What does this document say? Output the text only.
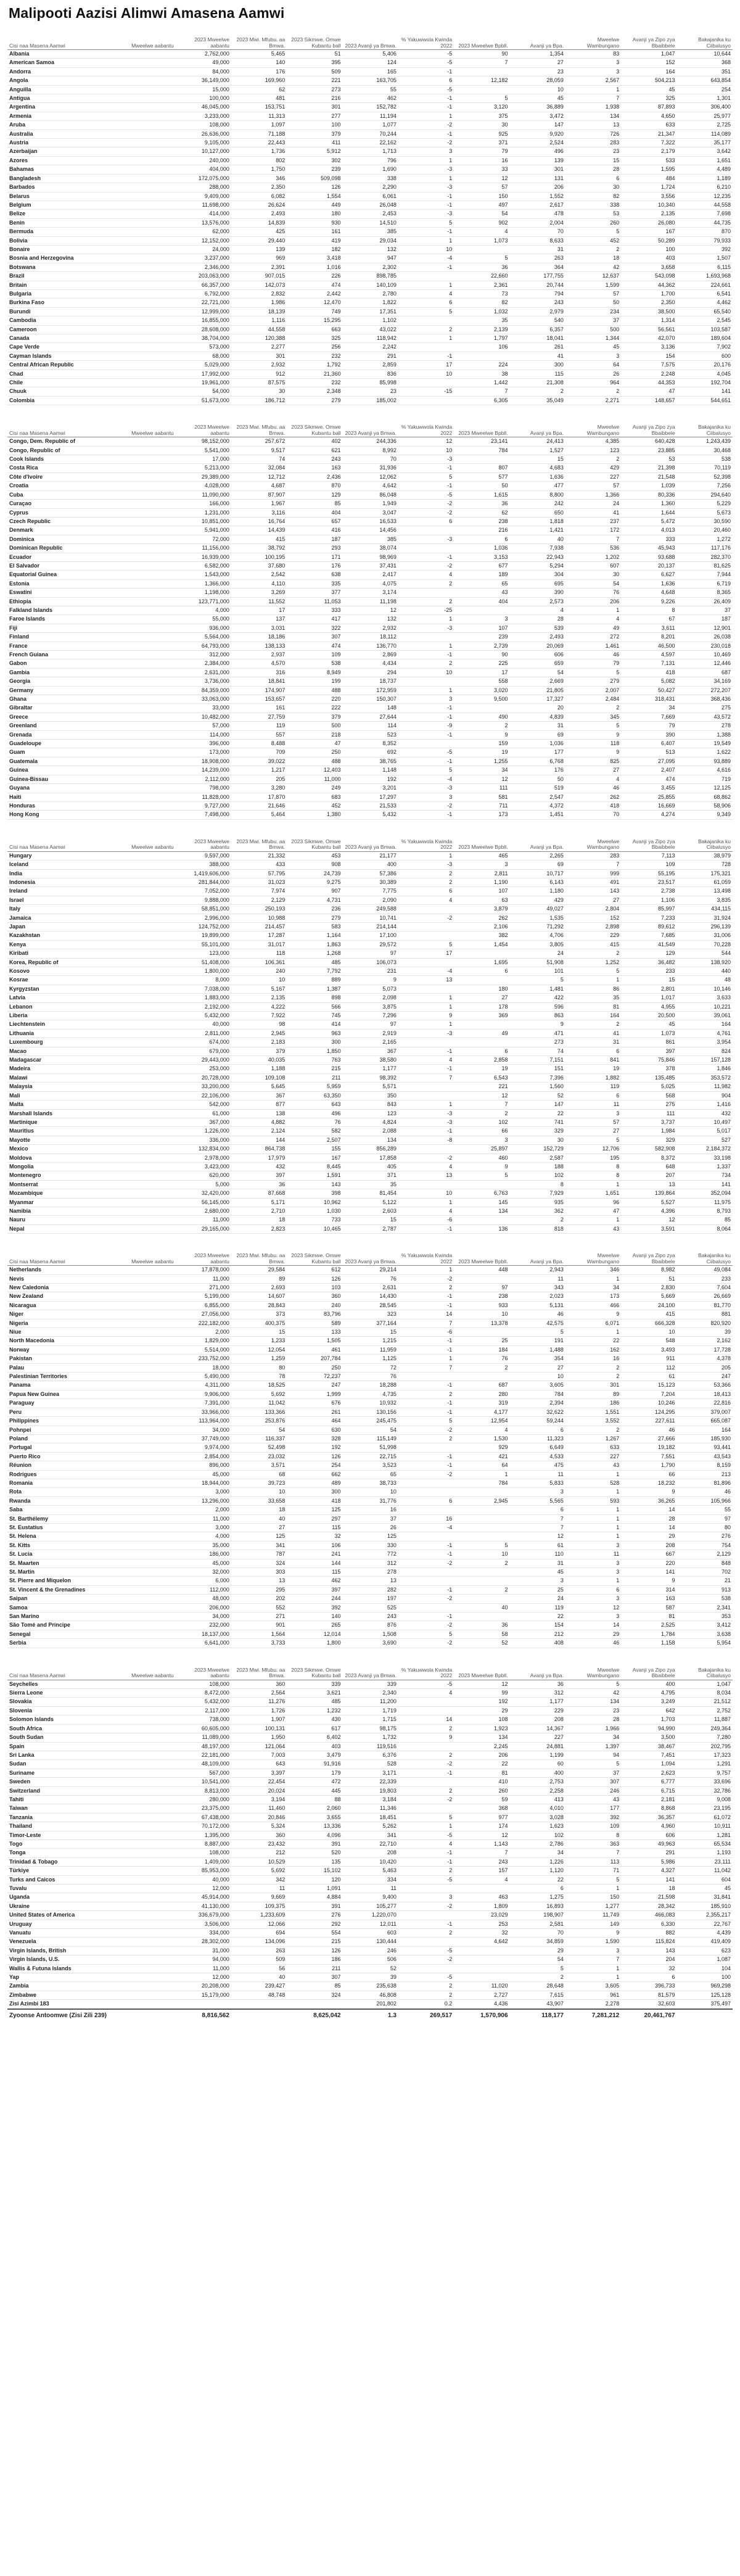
Malipooti Aazisi Alimwi Amasena Aamwi
Cisi naa Masena Aamwi	Mweelwe aabantu	2023 Mweelwe aabantu	2023 Mwi. Mfubu. aa Bmwa.	2023 Sikmwe. Omwe Kubantu ball	2023 Avanji ya Bmwa.	% Yakuwwola Kwinda 2022	2023 Mweelwe Bpbll.	Avanji ya Bpa.	Mweelwe Wambungano	Avanji ya Zipo zya Bbaibbele	Bakajanika ku Ciibalusyo
Albania		2,762,000	5,465	51	5,406	-5	90	1,354	83	1,047	10,644
American Samoa		49,000	140	395	124	-5	7	27	3	152	368
Andorra		84,000	176	509	165	-1		23	3	164	351
Angola		36,149,000	169,960	221	163,705	6	12,182	28,059	2,567	504,213	643,854
Anguilla		15,000	62	273	55	-5		10	1	45	254
Antigua		100,000	481	216	462	-1	5	45	7	325	1,301
Argentina		46,045,000	153,751	301	152,782	-1	3,120	36,889	1,938	87,893	306,400
Armenia		3,233,000	11,313	277	11,194	1	375	3,472	134	4,650	25,977
Aruba		108,000	1,097	100	1,077	-2	30	147	13	633	2,725
Australia		26,636,000	71,188	379	70,244	-1	925	9,920	726	21,347	114,089
Austria		9,105,000	22,443	411	22,162	-2	371	2,524	283	7,322	35,177
Azerbaijan		10,127,000	1,736	5,912	1,713	3	79	496	23	2,179	3,642
Azores		240,000	802	302	796	1	16	139	15	533	1,651
Bahamas		404,000	1,750	239	1,690	-3	33	301	28	1,595	4,489
Bangladesh		172,075,000	346	509,098	338	1	12	131	6	484	1,189
Barbados		288,000	2,350	126	2,290	-3	57	206	30	1,724	6,210
Belarus		9,409,000	6,082	1,554	6,061	-1	150	1,552	82	3,556	12,235
Belgium		11,698,000	26,624	449	26,048	-1	497	2,617	338	10,340	44,558
Belize		414,000	2,493	180	2,453	-3	54	478	53	2,135	7,698
Benin		13,576,000	14,839	930	14,510	5	902	2,004	260	26,080	44,735
Bermuda		62,000	425	161	385	-1	4	70	5	167	870
Bolivia		12,152,000	29,440	419	29,034	1	1,073	8,633	452	50,289	79,933
Bonaire		24,000	139	182	132	10		31	2	100	392
Bosnia and Herzegovina		3,237,000	969	3,418	947	-4	5	263	18	403	1,507
Botswana		2,346,000	2,391	1,016	2,302	-1	36	364	42	3,658	6,115
Brazil		203,063,000	907,015	226	898,785		22,660	177,755	12,637	543,098	1,693,968
Britain		66,357,000	142,073	474	140,109	1	2,361	20,744	1,599	44,362	224,661
Bulgaria		6,792,000	2,832	2,442	2,780	4	73	794	57	1,700	6,541
Burkina Faso		22,721,000	1,986	12,470	1,822	6	82	243	50	2,350	4,462
Burundi		12,999,000	18,139	749	17,351	5	1,032	2,979	234	38,500	65,540
Cambodia		16,855,000	1,116	15,295	1,102		35	540	37	1,314	2,545
Cameroon		28,608,000	44,558	663	43,022	2	2,139	6,357	500	56,561	103,587
Canada		38,704,000	120,388	325	118,942	1	1,797	18,041	1,344	42,070	189,604
Cape Verde		573,000	2,277	256	2,242		106	261	45	3,136	7,902
Cayman Islands		68,000	301	232	291	-1		41	3	154	600
Central African Republic		5,029,000	2,932	1,792	2,859	17	224	300	64	7,575	20,176
Chad		17,992,000	912	21,360	836	10	38	115	26	2,248	4,045
Chile		19,961,000	87,575	232	85,998		1,442	21,308	964	44,353	192,704
Chuuk		54,000	30	2,348	23	-15	7	2	2	47	141
Colombia		51,673,000	186,712	279	185,002		6,305	35,049	2,271	148,657	544,651

Cisi naa Masena Aamwi	Mweelwe aabantu	2023 Mweelwe aabantu	2023 Mwi. Mfubu. aa Bmwa.	2023 Sikmwe. Omwe Kubantu ball	2023 Avanji ya Bmwa.	% Yakuwwola Kwinda 2022	2023 Mweelwe Bpbll.	Avanji ya Bpa.	Mweelwe Wambungano	Avanji ya Zipo zya Bbaibbele	Bakajanika ku Ciibalusyo
Congo, Dem. Republic of		98,152,000	257,672	402	244,336	12	23,141	24,413	4,385	640,428	1,243,439
Congo, Republic of		5,541,000	9,517	621	8,992	10	784	1,527	123	23,885	30,468
Cook Islands		17,000	74	243	70	-3		15	2	53	538
Costa Rica		5,213,000	32,084	163	31,936	-1	807	4,683	429	21,398	70,119
Côte d'Ivoire		29,389,000	12,712	2,436	12,062	5	577	1,636	227	21,548	52,398
Croatia		4,028,000	4,687	870	4,642	-1	50	477	57	1,039	7,256
Cuba		11,090,000	87,907	129	86,048	-5	1,615	8,800	1,366	80,336	294,640
Curaçao		166,000	1,967	85	1,949	-2	36	242	24	1,360	5,229
Cyprus		1,231,000	3,116	404	3,047	-2	62	650	41	1,644	5,673
Czech Republic		10,851,000	16,764	657	16,533	6	238	1,818	237	5,472	30,590
Denmark		5,941,000	14,439	416	14,456		216	1,421	172	4,013	20,460
Dominica		72,000	415	187	385	-3	6	40	7	333	1,272
Dominican Republic		11,156,000	38,792	293	38,074		1,036	7,938	536	45,943	117,176
Ecuador		16,939,000	100,195	171	98,969	-1	3,153	22,943	1,202	93,688	282,370
El Salvador		6,582,000	37,680	176	37,431	-2	677	5,294	607	20,137	81,625
Equatorial Guinea		1,543,000	2,542	638	2,417	4	189	304	30	6,627	7,944
Estonia		1,366,000	4,110	335	4,075	2	65	695	54	1,636	6,719
Eswatini		1,198,000	3,269	377	3,174		43	390	76	4,648	8,365
Ethiopia		123,771,000	11,552	11,053	11,198	2	404	2,573	206	9,226	26,409
Falkland Islands		4,000	17	333	12	-25		4	1	8	37
Faroe Islands		55,000	137	417	132	1	3	28	4	67	187
Fiji		936,000	3,031	322	2,932	-3	107	539	49	3,611	12,901
Finland		5,564,000	18,186	307	18,112		239	2,493	272	8,201	26,038
France		64,793,000	138,133	474	136,770	1	2,739	20,069	1,461	46,500	230,018
French Guiana		312,000	2,937	109	2,869	-1	90	606	46	4,597	10,469
Gabon		2,384,000	4,570	538	4,434	2	225	659	79	7,131	12,446
Gambia		2,631,000	316	8,949	294	10	17	54	5	418	687
Georgia		3,736,000	18,841	199	18,737		558	2,669	279	5,082	34,169
Germany		84,359,000	174,907	488	172,959	1	3,020	21,805	2,007	50,427	272,207
Ghana		33,063,000	153,657	220	150,307	3	9,500	17,327	2,484	318,431	368,436
Gibraltar		33,000	161	222	148	-1		20	2	34	275
Greece		10,482,000	27,759	379	27,644	-1	490	4,839	345	7,669	43,572
Greenland		57,000	119	500	114	-9	2	31	5	79	278
Grenada		114,000	557	218	523	-1	9	69	9	390	1,388
Guadeloupe		396,000	8,488	47	8,352		159	1,036	118	6,407	19,549
Guam		173,000	709	250	692	-5	19	177	9	513	1,622
Guatemala		18,908,000	39,022	488	38,765	-1	1,255	6,768	825	27,095	93,889
Guinea		14,239,000	1,217	12,403	1,148	5	34	176	27	2,407	4,616
Guinea-Bissau		2,112,000	205	11,000	192	-4	12	50	4	474	719
Guyana		798,000	3,280	249	3,201	-3	111	519	46	3,455	12,125
Haiti		11,828,000	17,870	683	17,297	3	581	2,547	262	25,855	68,862
Honduras		9,727,000	21,646	452	21,533	-2	711	4,372	418	16,669	58,906
Hong Kong		7,498,000	5,464	1,380	5,432	-1	173	1,451	70	4,274	9,349

Cisi naa Masena Aamwi	Mweelwe aabantu	2023 Mweelwe aabantu	2023 Mwi. Mfubu. aa Bmwa.	2023 Sikmwe. Omwe Kubantu ball	2023 Avanji ya Bmwa.	% Yakuwwola Kwinda 2022	2023 Mweelwe Bpbll.	Avanji ya Bpa.	Mweelwe Wambungano	Avanji ya Zipo zya Bbaibbele	Bakajanika ku Ciibalusyo
Hungary		9,597,000	21,332	453	21,177	1	465	2,265	283	7,113	38,979
Iceland		388,000	433	908	400	-3	3	69	7	109	728
India		1,419,606,000	57,795	24,739	57,386	2	2,811	10,717	999	55,195	175,321
Indonesia		281,844,000	31,023	9,275	30,389	2	1,190	6,143	491	23,517	61,059
Ireland		7,052,000	7,974	907	7,775	6	107	1,180	143	2,738	13,498
Israel		9,888,000	2,129	4,731	2,090	4	63	429	27	1,106	3,835
Italy		58,851,000	250,193	236	249,588		3,879	49,027	2,804	85,997	434,115
Jamaica		2,996,000	10,988	279	10,741	-2	262	1,535	152	7,233	31,924
Japan		124,752,000	214,457	583	214,144		2,106	71,292	2,898	89,612	296,139
Kazakhstan		19,899,000	17,287	1,164	17,100		382	4,706	229	7,685	31,006
Kenya		55,101,000	31,017	1,863	29,572	5	1,454	3,805	415	41,549	70,228
Kiribati		123,000	118	1,268	97	17		24	2	129	544
Korea, Republic of		51,408,000	106,361	485	106,073		1,695	51,908	1,252	36,482	138,920
Kosovo		1,800,000	240	7,792	231	-4	6	101	5	233	440
Kosrae		8,000	10	889	9	13		5	1	15	48
Kyrgyzstan		7,038,000	5,167	1,387	5,073		180	1,481	86	2,801	10,146
Latvia		1,883,000	2,135	898	2,098	1	27	422	35	1,017	3,633
Lebanon		2,192,000	4,222	566	3,875	1	178	596	81	4,955	10,221
Liberia		5,432,000	7,922	745	7,296	9	369	863	164	20,500	39,061
Liechtenstein		40,000	98	414	97	1		9	2	45	164
Lithuania		2,811,000	2,945	963	2,919	-3	49	471	41	1,073	4,761
Luxembourg		674,000	2,183	300	2,165			273	31	861	3,954
Macao		679,000	379	1,850	367	-1	6	74	6	397	824
Madagascar		29,443,000	40,035	763	38,580	4	2,858	7,151	841	75,846	157,128
Madeira		253,000	1,188	215	1,177	-1	19	151	19	378	1,846
Malawi		20,728,000	109,108	211	98,392	7	6,543	7,396	1,882	135,485	353,572
Malaysia		33,200,000	5,645	5,959	5,571		221	1,560	119	5,025	11,982
Mali		22,106,000	367	63,350	350		12	52	6	568	904
Malta		542,000	877	643	843	1	7	147	11	275	1,416
Marshall Islands		61,000	138	496	123	-3	2	22	3	111	432
Martinique		367,000	4,882	76	4,824	-3	102	741	57	3,737	10,497
Mauritius		1,226,000	2,124	582	2,088	-1	66	329	27	1,984	5,017
Mayotte		336,000	144	2,507	134	-8	3	30	5	329	527
Mexico		132,834,000	864,738	155	856,289		25,897	152,729	12,706	582,908	2,184,372
Moldova		2,978,000	17,979	167	17,858	-2	460	2,587	195	8,372	33,198
Mongolia		3,423,000	432	8,445	405	4	9	188	8	648	1,337
Montenegro		620,000	397	1,591	371	13	5	102	8	207	734
Montserrat		5,000	36	143	35			8	1	13	141
Mozambique		32,420,000	87,668	398	81,454	10	6,763	7,929	1,651	139,864	352,094
Myanmar		56,145,000	5,171	10,962	5,122	1	145	935	96	5,527	11,975
Namibia		2,680,000	2,710	1,030	2,603	4	134	362	47	4,396	8,793
Nauru		11,000	18	733	15	-6		2	1	12	85
Nepal		29,165,000	2,823	10,465	2,787	-1	136	818	43	3,591	8,064

Cisi naa Masena Aamwi	Mweelwe aabantu	2023 Mweelwe aabantu	2023 Mwi. Mfubu. aa Bmwa.	2023 Sikmwe. Omwe Kubantu ball	2023 Avanji ya Bmwa.	% Yakuwwola Kwinda 2022	2023 Mweelwe Bpbll.	Avanji ya Bpa.	Mweelwe Wambungano	Avanji ya Zipo zya Bbaibbele	Bakajanika ku Ciibalusyo
Netherlands		17,878,000	29,584	612	29,214	1	448	2,943	346	8,982	49,084
Nevis		11,000	89	126	76	-2		11	1	51	233
New Caledonia		271,000	2,693	103	2,631	2	97	343	34	2,830	7,604
New Zealand		5,199,000	14,607	360	14,430	-1	238	2,023	173	5,669	26,669
Nicaragua		6,855,000	28,843	240	28,545	-1	933	5,131	466	24,100	81,770
Niger		27,056,000	373	83,796	323	14	10	46	9	415	881
Nigeria		222,182,000	400,375	589	377,164	7	13,378	42,575	6,071	666,328	820,920
Niue		2,000	15	133	15	-6		5	1	10	39
North Macedonia		1,829,000	1,233	1,505	1,215	-1	25	191	22	548	2,162
Norway		5,514,000	12,054	461	11,959	-1	184	1,488	162	3,493	17,728
Pakistan		233,752,000	1,259	207,784	1,125	1	76	354	16	911	4,378
Palau		18,000	80	250	72	7	2	27	2	112	205
Palestinian Territories		5,490,000	78	72,237	76			10	2	61	247
Panama		4,311,000	18,525	247	18,288	-1	687	3,605	301	15,123	53,366
Papua New Guinea		9,906,000	5,692	1,999	4,735	2	280	784	89	7,204	18,413
Paraguay		7,391,000	11,042	676	10,932	-1	319	2,394	186	10,246	22,816
Peru		33,966,000	133,366	261	130,156	-1	4,177	32,622	1,551	124,295	379,007
Philippines		113,964,000	253,876	464	245,475	5	12,954	59,244	3,552	227,611	665,087
Pohnpei		34,000	54	630	54	-2	4	6	2	46	164
Poland		37,749,000	116,337	328	115,149	2	1,530	11,323	1,267	27,666	185,930
Portugal		9,974,000	52,498	192	51,998		929	6,649	633	19,182	93,441
Puerto Rico		2,854,000	23,032	126	22,715	-1	421	4,533	227	7,551	43,543
Réunion		896,000	3,571	254	3,523	-1	64	475	43	1,790	8,159
Rodrigues		45,000	68	662	65	-2	1	11	1	66	213
Romania		18,944,000	39,723	489	38,733		784	5,833	528	18,232	81,896
Rota		3,000	10	300	10			3	1	9	46
Rwanda		13,296,000	33,658	418	31,776	6	2,945	5,565	593	36,265	105,966
Saba		2,000	18	125	16			6	1	14	55
St. Barthélemy		11,000	40	297	37	16		7	1	28	97
St. Eustatius		3,000	27	115	26	-4		7	1	14	80
St. Helena		4,000	125	32	125			12	1	29	276
St. Kitts		35,000	341	106	330	-1	5	61	3	208	754
St. Lucia		186,000	787	241	772	-1	10	110	11	667	2,129
St. Maarten		45,000	324	144	312	-2	2	31	3	220	848
St. Martin		32,000	303	115	278			45	3	141	702
St. Pierre and Miquelon		6,000	13	462	13			3	1	9	21
St. Vincent & the Grenadines		112,000	295	397	282	-1	2	25	6	314	913
Saipan		48,000	202	244	197	-2		24	3	163	538
Samoa		206,000	552	392	525		40	119	12	587	2,341
San Marino		34,000	271	140	243	-1		22	3	81	353
São Tomé and Príncipe		232,000	901	265	876	-2	36	154	14	2,525	3,412
Senegal		18,137,000	1,564	12,014	1,508	5	58	212	29	1,784	3,638
Serbia		6,641,000	3,733	1,800	3,690	-2	52	408	46	1,158	5,954

Cisi naa Masena Aamwi	Mweelwe aabantu	2023 Mweelwe aabantu	2023 Mwi. Mfubu. aa Bmwa.	2023 Sikmwe. Omwe Kubantu ball	2023 Avanji ya Bmwa.	% Yakuwwola Kwinda 2022	2023 Mweelwe Bpbll.	Avanji ya Bpa.	Mweelwe Wambungano	Avanji ya Zipo zya Bbaibbele	Bakajanika ku Ciibalusyo
Seychelles		108,000	360	339	339	-5	12	36	5	400	1,047
Sierra Leone		8,472,000	2,564	3,621	2,340	4	99	312	42	4,795	8,034
Slovakia		5,432,000	11,276	485	11,200		192	1,177	134	3,249	21,512
Slovenia		2,117,000	1,726	1,232	1,719		29	229	23	642	2,752
Solomon Islands		738,000	1,907	430	1,715	14	108	208	28	1,703	11,887
South Africa		60,605,000	100,131	617	98,175	2	1,923	14,367	1,966	94,990	249,364
South Sudan		11,089,000	1,950	6,402	1,732	9	134	227	34	3,500	7,280
Spain		48,197,000	121,064	403	119,516		2,245	24,881	1,397	38,467	202,795
Sri Lanka		22,181,000	7,003	3,479	6,376	2	206	1,199	94	7,451	17,323
Sudan		48,109,000	643	91,916	528	-2	22	60	5	1,094	1,291
Suriname		567,000	3,397	179	3,171	-1	81	400	37	2,623	9,757
Sweden		10,541,000	22,454	472	22,339		410	2,753	307	6,777	33,696
Switzerland		8,813,000	20,024	445	19,803	2	260	2,258	246	6,715	32,786
Tahiti		280,000	3,194	88	3,184	-2	59	413	43	2,181	9,008
Taiwan		23,375,000	11,460	2,060	11,346		368	4,010	177	8,868	23,195
Tanzania		67,438,000	20,846	3,655	18,451	5	977	3,028	392	36,357	61,072
Thailand		70,172,000	5,324	13,336	5,262	1	174	1,623	109	4,960	10,911
Timor-Leste		1,395,000	360	4,096	341	-5	12	102	8	606	1,281
Togo		8,887,000	23,432	391	22,710	4	1,143	2,786	363	49,963	65,534
Tonga		108,000	212	520	208	-1	7	34	7	291	1,193
Trinidad & Tobago		1,409,000	10,529	135	10,420	-1	243	1,226	113	5,986	23,111
Türkiye		85,953,000	5,692	15,102	5,463	2	157	1,120	71	4,327	11,042
Turks and Caicos		40,000	342	120	334	-5	4	22	5	141	604
Tuvalu		12,000	11	1,091	11			6	1	18	45
Uganda		45,914,000	9,669	4,884	9,400	3	463	1,275	150	21,598	31,841
Ukraine		41,130,000	109,375	391	105,277	-2	1,809	16,893	1,277	28,342	185,910
United States of America		336,679,000	1,233,609	276	1,220,070		23,029	198,907	11,749	466,083	2,355,217
Uruguay		3,506,000	12,066	292	12,011	-1	253	2,581	149	6,330	22,767
Vanuatu		334,000	694	554	603	2	32	70	9	882	4,439
Venezuela		28,302,000	134,096	215	130,444		4,642	34,859	1,590	115,824	419,409
Virgin Islands, British		31,000	263	126	246	-5		29	3	143	623
Virgin Islands, U.S.		94,000	509	186	506	-2		54	7	204	1,087
Wallis & Futuna Islands		11,000	56	211	52			5	1	32	104
Yap		12,000	40	307	39	-5		2	1	6	100
Zambia		20,208,000	239,427	85	235,638	2	11,020	28,648	3,605	396,733	969,298
Zimbabwe		15,179,000	48,748	324	46,808	2	2,727	7,615	961	81,579	125,128
Zisi Azimbi 183					201,802	0.2	4,436	43,907	2,278	32,603	375,497
Zyoonse Antoomwe (Zisi Zili 239)		8,816,562		8,625,042	1.3	269,517	1,570,906	118,177	7,281,212	20,461,767	
